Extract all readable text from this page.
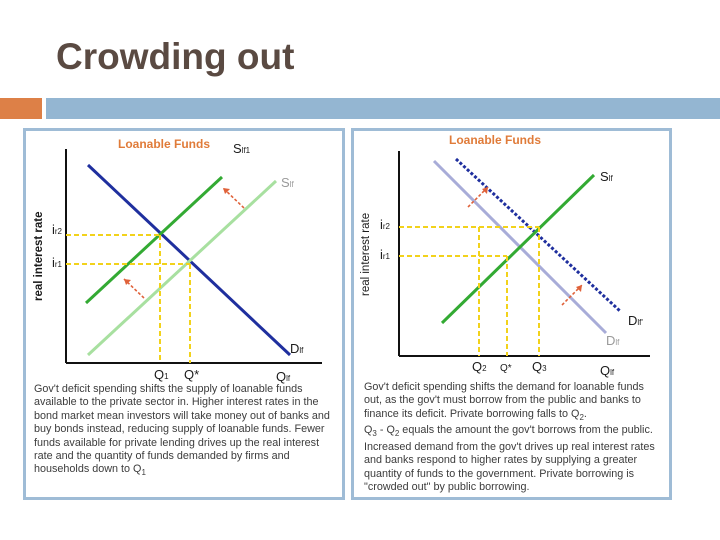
Crowding out
Loanable Funds
real interest rate
Slf1
Slf
Dlf
ir2
ir1
Q1 Q*	Qlf
Gov't deficit spending shifts the supply of loanable funds available to the private sector in. Higher interest rates in the bond market mean investors will take money out of banks and buy bonds instead, reducing supply of loanable funds. Fewer funds available for private lending drives up the real interest rate and the quantity of funds demanded by firms and households down to $Q_1$
Loanable Funds
real interest rate
Slf
Dlf'
Dlf
ir2
ir1
Q2 Q* Q3	Qlf

Gov't deficit spending shifts the demand for loanable funds out, as the gov't must borrow from the public and banks to finance its deficit. Private borrowing falls to $Q_2$.

$Q_3 - Q_2$ equals the amount the gov't borrows from the public. Increased demand from the gov't drives up real interest rates and banks respond to higher rates by supplying a greater quantity of funds to the government. Private borrowing is "crowded out" by public borrowing.
